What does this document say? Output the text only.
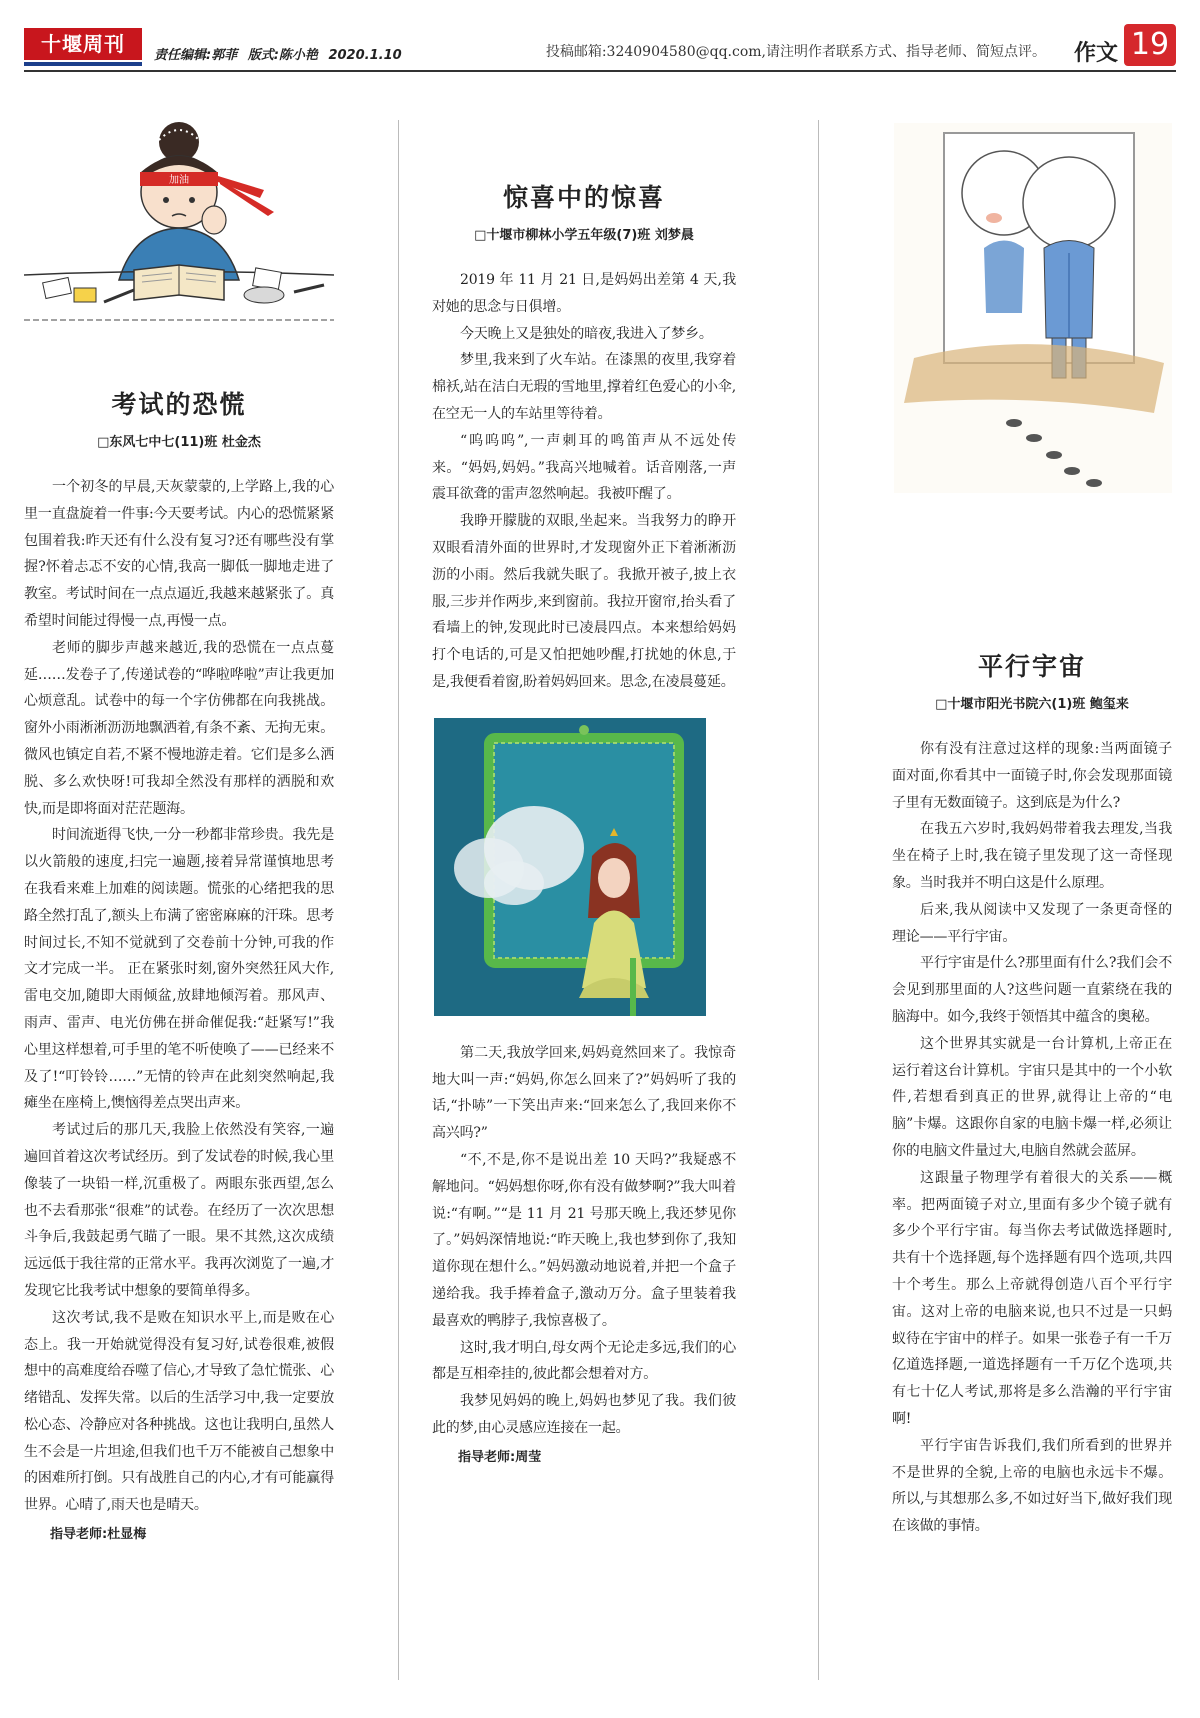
十堰周刊	责任编辑:郭菲 版式:陈小艳 2020.1.10	投稿邮箱:3240904580@qq.com,请注明作者联系方式、指导老师、简短点评。 作文 19
加油
考试的恐慌
□东风七中七(11)班 杜金杰

一个初冬的早晨,天灰蒙蒙的,上学路上,我的心里一直盘旋着一件事:今天要考试。内心的恐慌紧紧包围着我:昨天还有什么没有复习?还有哪些没有掌握?怀着忐忑不安的心情,我高一脚低一脚地走进了教室。考试时间在一点点逼近,我越来越紧张了。真希望时间能过得慢一点,再慢一点。

老师的脚步声越来越近,我的恐慌在一点点蔓延……发卷子了,传递试卷的“哗啦哗啦”声让我更加心烦意乱。试卷中的每一个字仿佛都在向我挑战。窗外小雨淅淅沥沥地飘洒着,有条不紊、无拘无束。微风也镇定自若,不紧不慢地游走着。它们是多么洒脱、多么欢快呀!可我却全然没有那样的洒脱和欢快,而是即将面对茫茫题海。

时间流逝得飞快,一分一秒都非常珍贵。我先是以火箭般的速度,扫完一遍题,接着异常谨慎地思考在我看来难上加难的阅读题。慌张的心绪把我的思路全然打乱了,额头上布满了密密麻麻的汗珠。思考时间过长,不知不觉就到了交卷前十分钟,可我的作文才完成一半。 正在紧张时刻,窗外突然狂风大作,雷电交加,随即大雨倾盆,放肆地倾泻着。那风声、雨声、雷声、电光仿佛在拼命催促我:“赶紧写!”我心里这样想着,可手里的笔不听使唤了——已经来不及了!“叮铃铃……”无情的铃声在此刻突然响起,我瘫坐在座椅上,懊恼得差点哭出声来。

考试过后的那几天,我脸上依然没有笑容,一遍遍回首着这次考试经历。到了发试卷的时候,我心里像装了一块铅一样,沉重极了。两眼东张西望,怎么也不去看那张“很难”的试卷。在经历了一次次思想斗争后,我鼓起勇气瞄了一眼。果不其然,这次成绩远远低于我往常的正常水平。我再次浏览了一遍,才发现它比我考试中想象的要简单得多。

这次考试,我不是败在知识水平上,而是败在心态上。我一开始就觉得没有复习好,试卷很难,被假想中的高难度给吞噬了信心,才导致了急忙慌张、心绪错乱、发挥失常。以后的生活学习中,我一定要放松心态、冷静应对各种挑战。这也让我明白,虽然人生不会是一片坦途,但我们也千万不能被自己想象中的困难所打倒。只有战胜自己的内心,才有可能赢得世界。心晴了,雨天也是晴天。

指导老师:杜显梅
惊喜中的惊喜
□十堰市柳林小学五年级(7)班 刘梦晨

2019 年 11 月 21 日,是妈妈出差第 4 天,我对她的思念与日俱增。

今天晚上又是独处的暗夜,我进入了梦乡。

梦里,我来到了火车站。在漆黑的夜里,我穿着棉袄,站在洁白无瑕的雪地里,撑着红色爱心的小伞,在空无一人的车站里等待着。

“呜呜呜”,一声刺耳的鸣笛声从不远处传来。“妈妈,妈妈。”我高兴地喊着。话音刚落,一声震耳欲聋的雷声忽然响起。我被吓醒了。

我睁开朦胧的双眼,坐起来。当我努力的睁开双眼看清外面的世界时,才发现窗外正下着淅淅沥沥的小雨。然后我就失眠了。我掀开被子,披上衣服,三步并作两步,来到窗前。我拉开窗帘,抬头看了看墙上的钟,发现此时已凌晨四点。本来想给妈妈打个电话的,可是又怕把她吵醒,打扰她的休息,于是,我便看着窗,盼着妈妈回来。思念,在凌晨蔓延。

第二天,我放学回来,妈妈竟然回来了。我惊奇地大叫一声:“妈妈,你怎么回来了?”妈妈听了我的话,“扑哧”一下笑出声来:“回来怎么了,我回来你不高兴吗?”

“不,不是,你不是说出差 10 天吗?”我疑惑不解地问。“妈妈想你呀,你有没有做梦啊?”我大叫着说:“有啊。”“是 11 月 21 号那天晚上,我还梦见你了。”妈妈深情地说:“昨天晚上,我也梦到你了,我知道你现在想什么。”妈妈激动地说着,并把一个盒子递给我。我手捧着盒子,激动万分。盒子里装着我最喜欢的鸭脖子,我惊喜极了。

这时,我才明白,母女两个无论走多远,我们的心都是互相牵挂的,彼此都会想着对方。

我梦见妈妈的晚上,妈妈也梦见了我。我们彼此的梦,由心灵感应连接在一起。

指导老师:周莹
平行宇宙
□十堰市阳光书院六(1)班 鲍玺来

你有没有注意过这样的现象:当两面镜子面对面,你看其中一面镜子时,你会发现那面镜子里有无数面镜子。这到底是为什么?

在我五六岁时,我妈妈带着我去理发,当我坐在椅子上时,我在镜子里发现了这一奇怪现象。当时我并不明白这是什么原理。

后来,我从阅读中又发现了一条更奇怪的理论——平行宇宙。

平行宇宙是什么?那里面有什么?我们会不会见到那里面的人?这些问题一直萦绕在我的脑海中。如今,我终于领悟其中蕴含的奥秘。

这个世界其实就是一台计算机,上帝正在运行着这台计算机。宇宙只是其中的一个小软件,若想看到真正的世界,就得让上帝的“电脑”卡爆。这跟你自家的电脑卡爆一样,必须让你的电脑文件量过大,电脑自然就会蓝屏。

这跟量子物理学有着很大的关系——概率。把两面镜子对立,里面有多少个镜子就有多少个平行宇宙。每当你去考试做选择题时,共有十个选择题,每个选择题有四个选项,共四十个考生。那么上帝就得创造八百个平行宇宙。这对上帝的电脑来说,也只不过是一只蚂蚁待在宇宙中的样子。如果一张卷子有一千万亿道选择题,一道选择题有一千万亿个选项,共有七十亿人考试,那将是多么浩瀚的平行宇宙啊!

平行宇宙告诉我们,我们所看到的世界并不是世界的全貌,上帝的电脑也永远卡不爆。所以,与其想那么多,不如过好当下,做好我们现在该做的事情。
